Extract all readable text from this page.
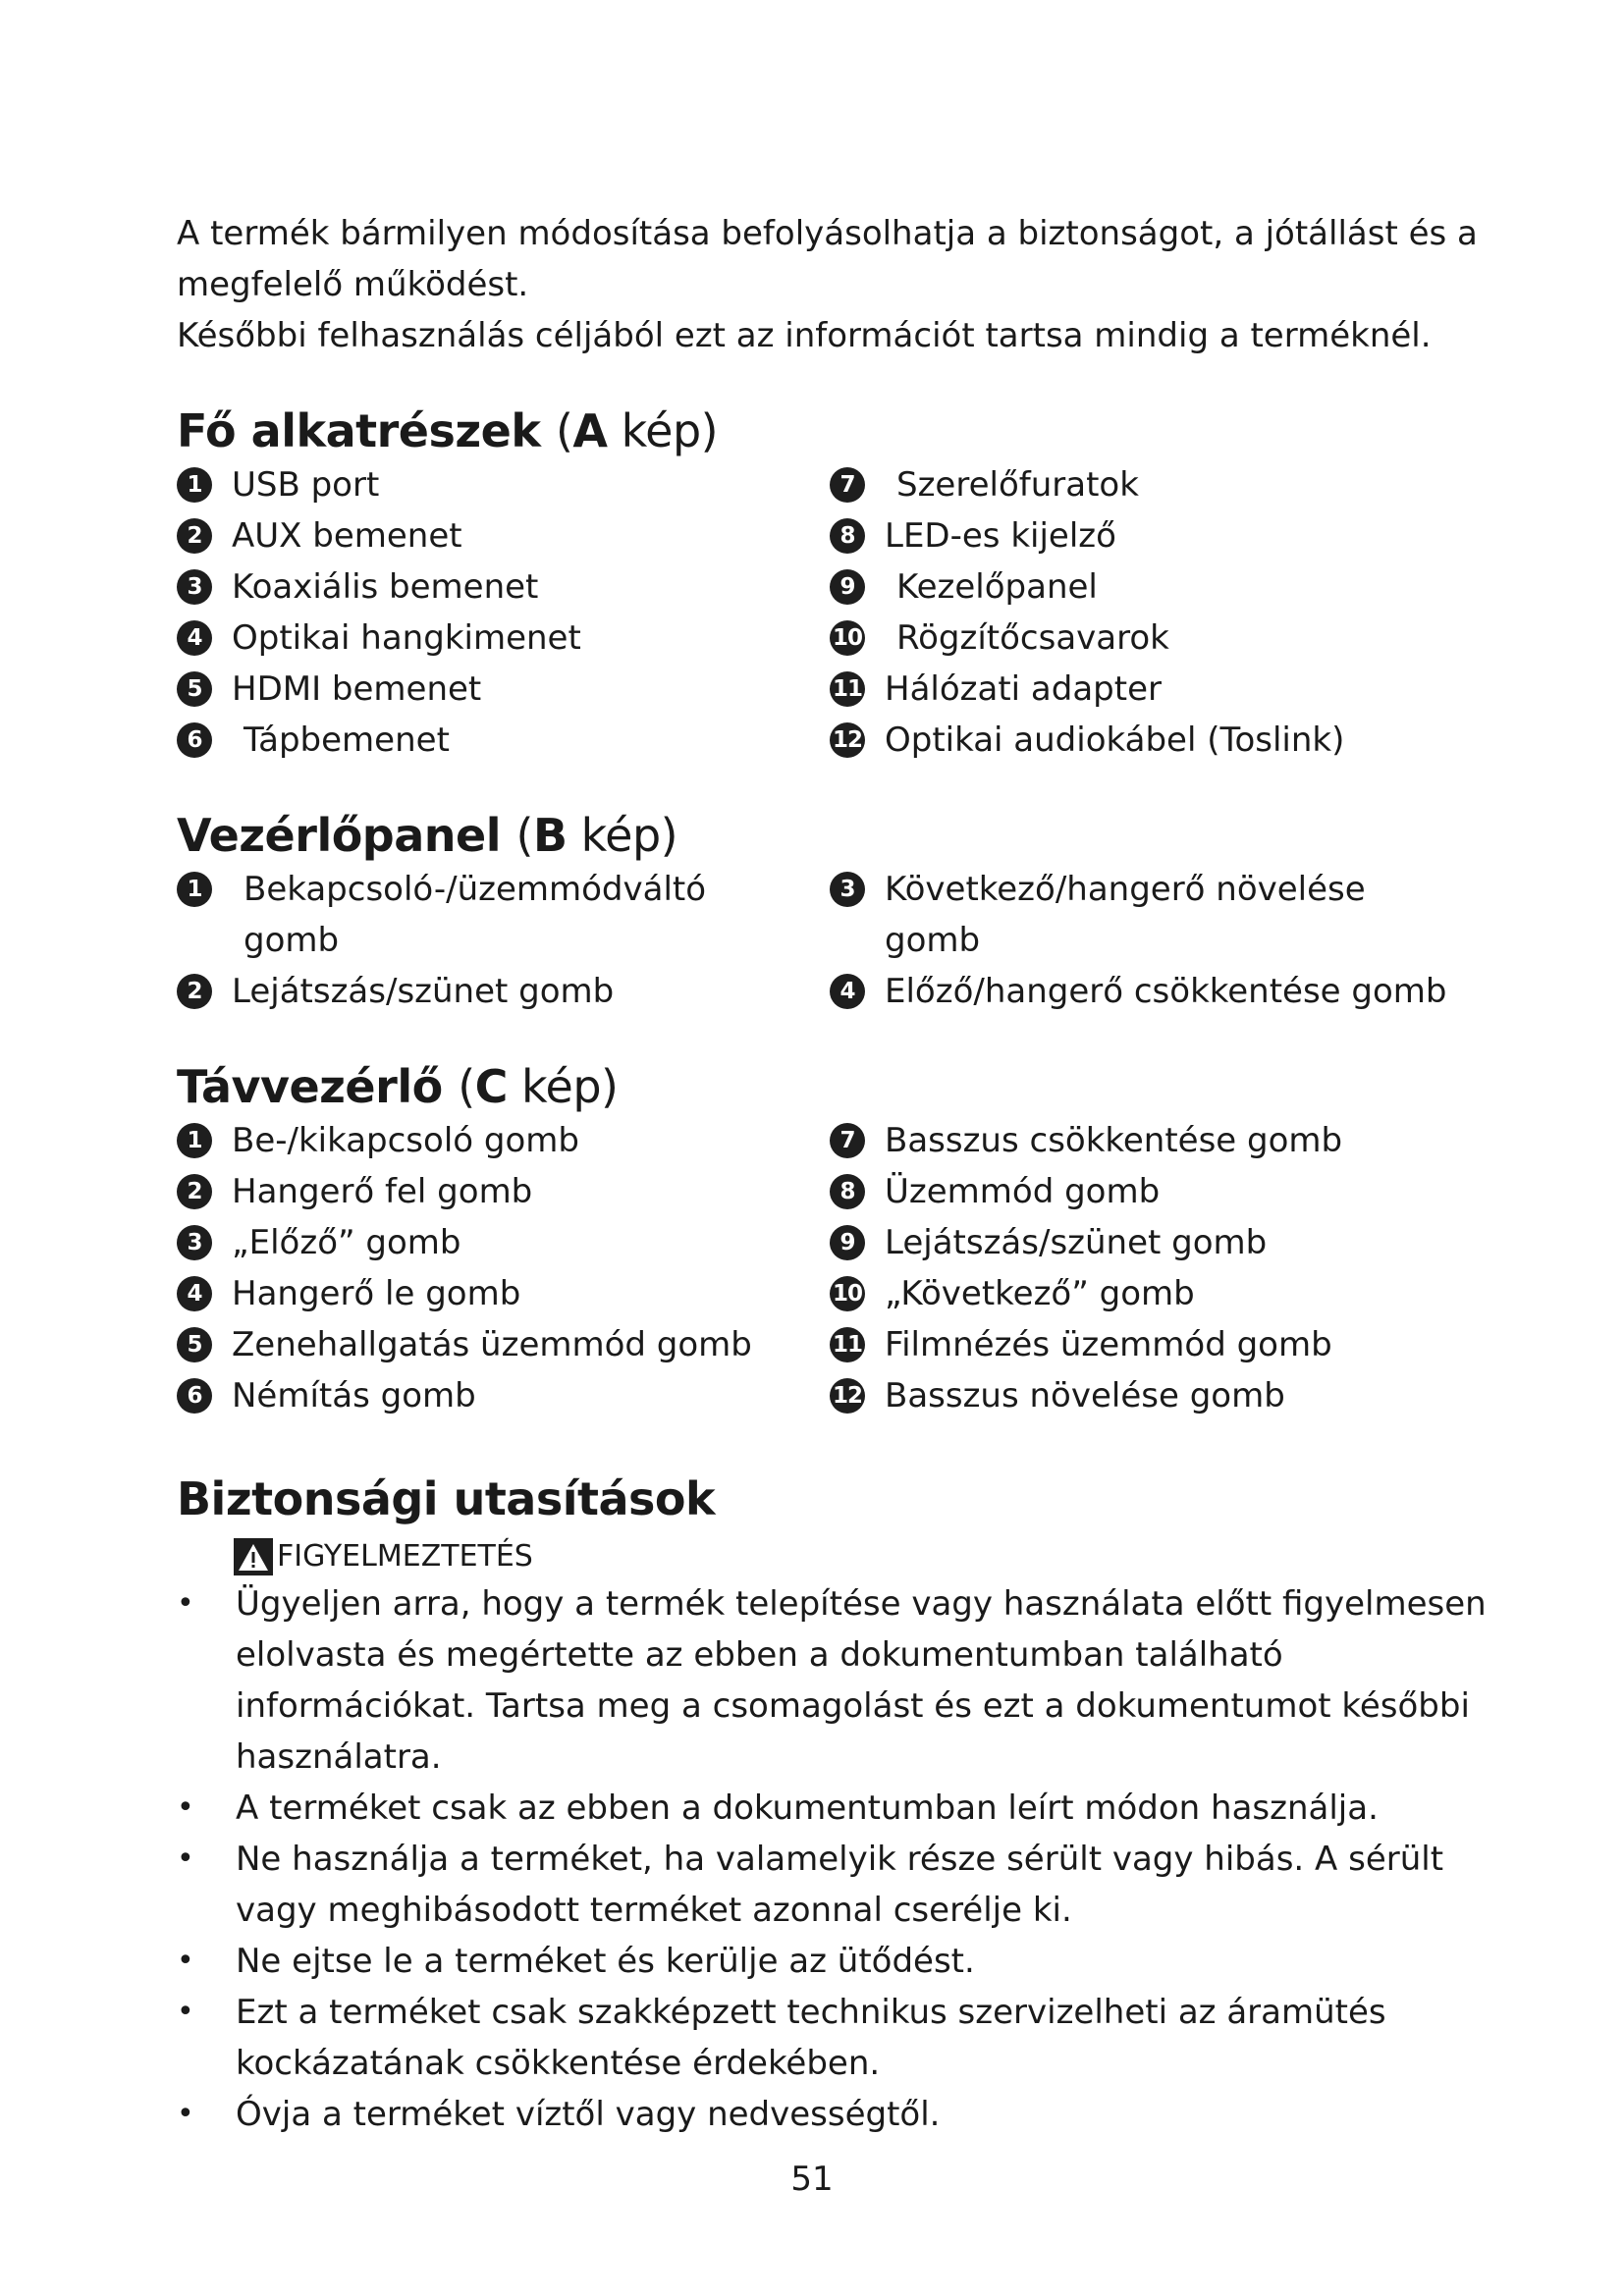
A termék bármilyen módosítása befolyásolhatja a biztonságot, a jótállást és a megfelelő működést.

Későbbi felhasználás céljából ezt az információt tartsa mindig a terméknél.

Fő alkatrészek (A kép)
1 USB port
2 AUX bemenet
3 Koaxiális bemenet
4 Optikai hangkimenet
5 HDMI bemenet
6	Tápbemenet
7	Szerelőfuratok
8 LED-es kijelző
9	Kezelőpanel
10	Rögzítőcsavarok
11 Hálózati adapter
12 Optikai audiokábel (Toslink)
Vezérlőpanel (B kép)
1	Bekapcsoló-/üzemmódváltó gomb
2 Lejátszás/szünet gomb
3 Következő/hangerő növelése gomb
4 Előző/hangerő csökkentése gomb
Távvezérlő (C kép)
1 Be-/kikapcsoló gomb
2 Hangerő fel gomb
3 „Előző” gomb
4 Hangerő le gomb
5 Zenehallgatás üzemmód gomb
6 Némítás gomb
7 Basszus csökkentése gomb
8 Üzemmód gomb
9 Lejátszás/szünet gomb
10 „Következő” gomb
11 Filmnézés üzemmód gomb
12 Basszus növelése gomb
Biztonsági utasítások
FIGYELMEZTETÉS
• Ügyeljen arra, hogy a termék telepítése vagy használata előtt figyelmesen elolvasta és megértette az ebben a dokumentumban található információkat. Tartsa meg a csomagolást és ezt a dokumentumot későbbi használatra.
• A terméket csak az ebben a dokumentumban leírt módon használja.
• Ne használja a terméket, ha valamelyik része sérült vagy hibás. A sérült vagy meghibásodott terméket azonnal cserélje ki.
• Ne ejtse le a terméket és kerülje az ütődést.
• Ezt a terméket csak szakképzett technikus szervizelheti az áramütés kockázatának csökkentése érdekében.
• Óvja a terméket víztől vagy nedvességtől.
51
